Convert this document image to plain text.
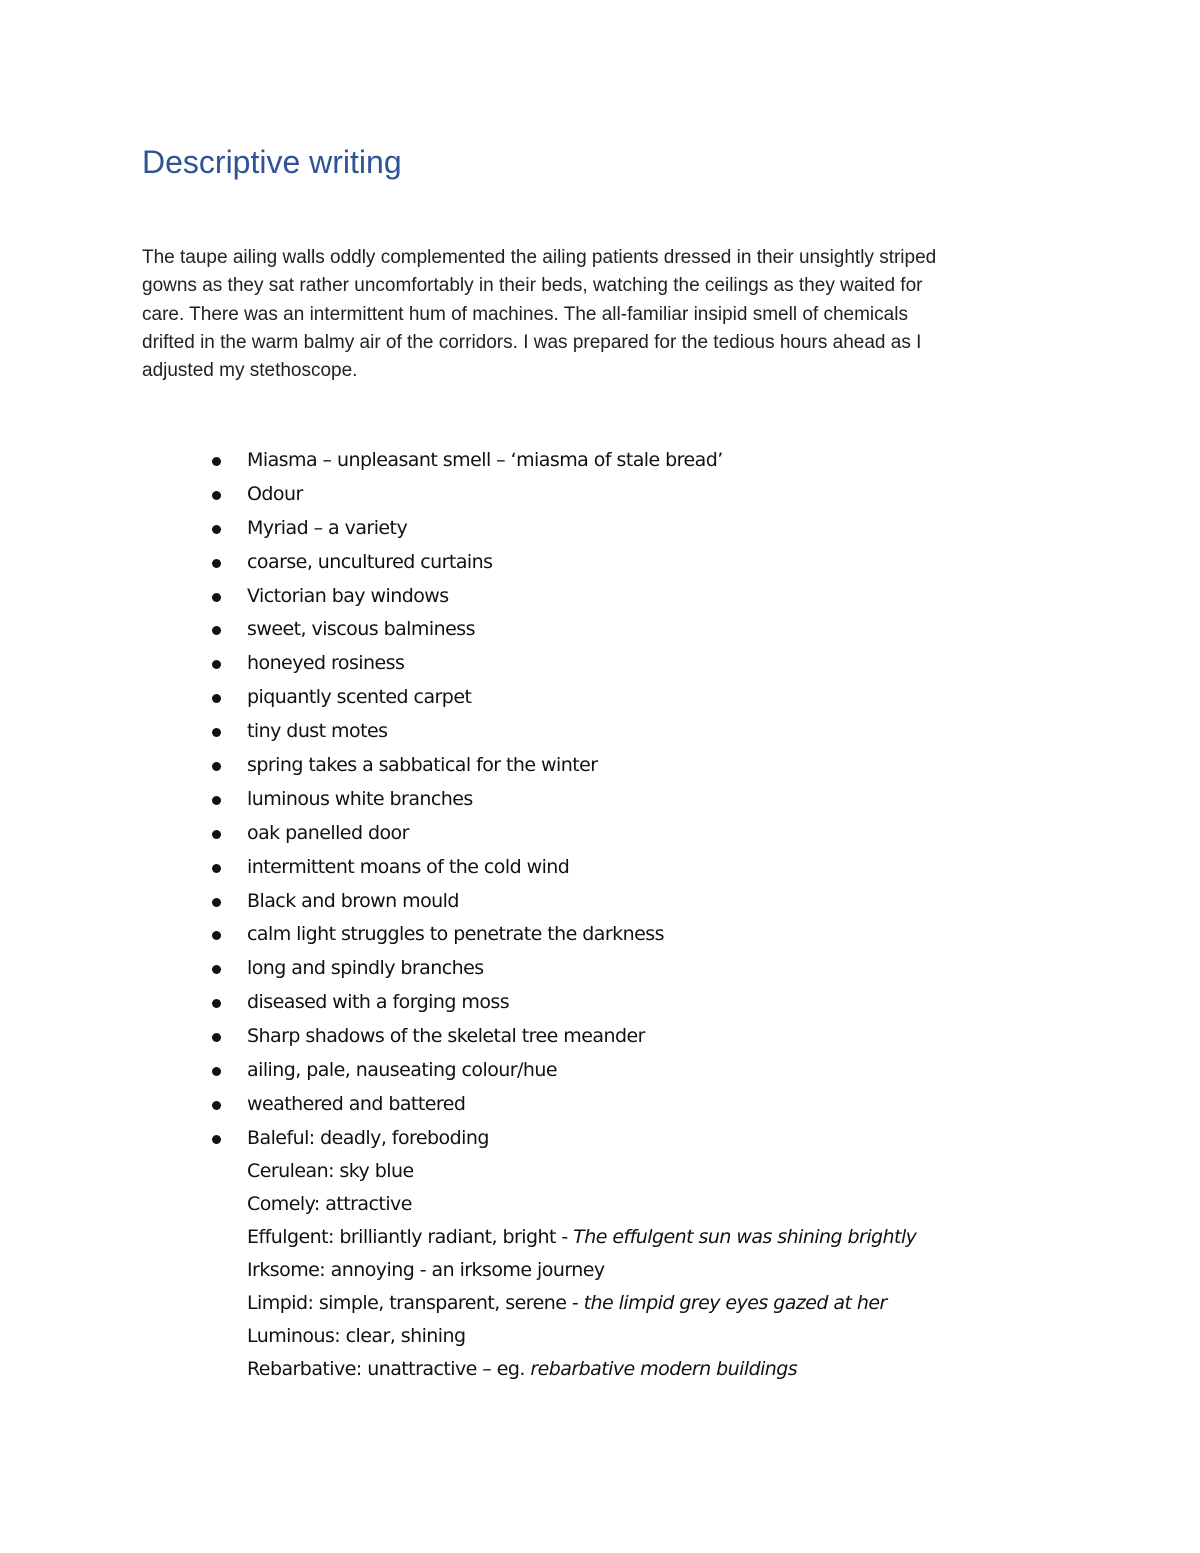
Descriptive writing

The taupe ailing walls oddly complemented the ailing patients dressed in their unsightly striped
gowns as they sat rather uncomfortably in their beds, watching the ceilings as they waited for
care. There was an intermittent hum of machines. The all-familiar insipid smell of chemicals
drifted in the warm balmy air of the corridors. I was prepared for the tedious hours ahead as I
adjusted my stethoscope.

Miasma – unpleasant smell – ‘miasma of stale bread’
Odour
Myriad – a variety
coarse, uncultured curtains
Victorian bay windows
sweet, viscous balminess
honeyed rosiness
piquantly scented carpet
tiny dust motes
spring takes a sabbatical for the winter
luminous white branches
oak panelled door
intermittent moans of the cold wind
Black and brown mould
calm light struggles to penetrate the darkness
long and spindly branches
diseased with a forging moss
Sharp shadows of the skeletal tree meander
ailing, pale, nauseating colour/hue
weathered and battered
Baleful: deadly, foreboding
Cerulean: sky blue
Comely: attractive
Effulgent: brilliantly radiant, bright - The effulgent sun was shining brightly
Irksome: annoying - an irksome journey
Limpid: simple, transparent, serene - the limpid grey eyes gazed at her
Luminous: clear, shining
Rebarbative: unattractive – eg. rebarbative modern buildings
